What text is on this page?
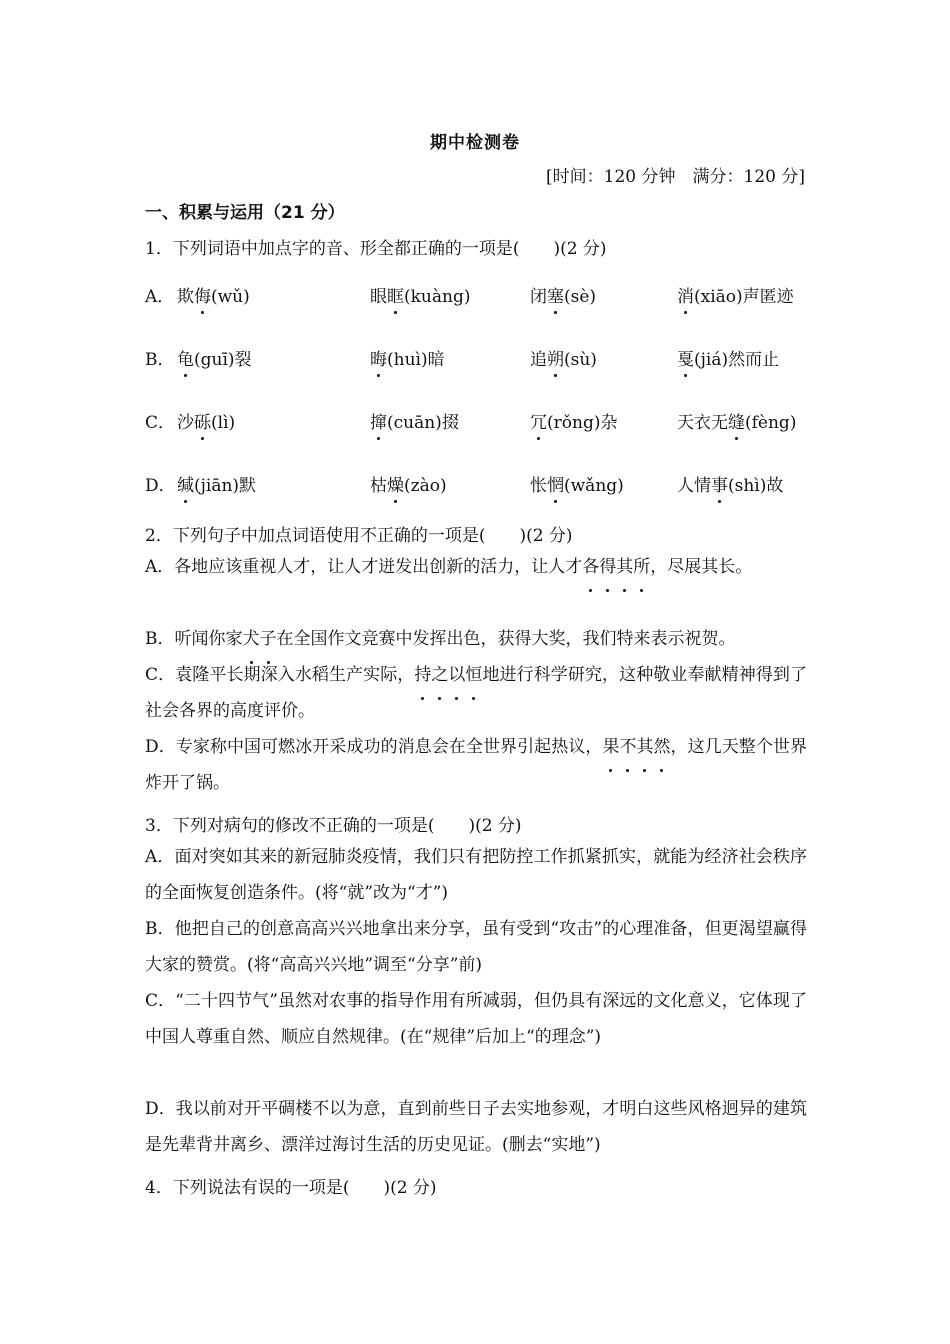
期中检测卷
[时间：120 分钟　满分：120 分]
一、积累与运用（21 分）
1．下列词语中加点字的音、形全都正确的一项是(　　)(2 分)
A． 欺侮(wǔ)	眼眶(kuàng)	闭塞(sè)	消(xiāo)声匿迹
B． 龟(guī)裂	晦(huì)暗	追朔(sù)	戛(jiá)然而止
C． 沙砾(lì)	撺(cuān)掇	冗(rǒng)杂	天衣无缝(fèng)
D． 缄(jiān)默	枯燥(zào)	怅惘(wǎng)	人情事(shì)故
2．下列句子中加点词语使用不正确的一项是(　　)(2 分)
A．各地应该重视人才，让人才迸发出创新的活力，让人才各得其所，尽展其长。
B．听闻你家犬子在全国作文竞赛中发挥出色，获得大奖，我们特来表示祝贺。
C．袁隆平长期深入水稻生产实际，持之以恒地进行科学研究，这种敬业奉献精神得到了社会各界的高度评价。
D．专家称中国可燃冰开采成功的消息会在全世界引起热议，果不其然，这几天整个世界炸开了锅。
3．下列对病句的修改不正确的一项是(　　)(2 分)
A．面对突如其来的新冠肺炎疫情，我们只有把防控工作抓紧抓实，就能为经济社会秩序的全面恢复创造条件。(将“就”改为“才”)
B．他把自己的创意高高兴兴地拿出来分享，虽有受到“攻击”的心理准备，但更渴望赢得大家的赞赏。(将“高高兴兴地”调至“分享”前)
C．“二十四节气”虽然对农事的指导作用有所减弱，但仍具有深远的文化意义，它体现了中国人尊重自然、顺应自然规律。(在“规律”后加上“的理念”)
D．我以前对开平碉楼不以为意，直到前些日子去实地参观，才明白这些风格迥异的建筑是先辈背井离乡、漂洋过海讨生活的历史见证。(删去“实地”)
4．下列说法有误的一项是(　　)(2 分)
